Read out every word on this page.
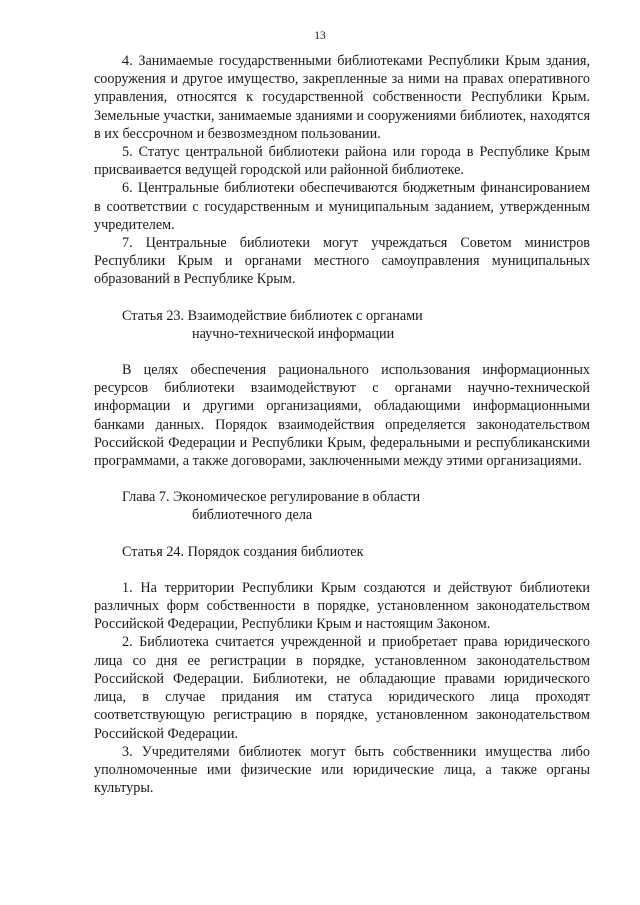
13

4. Занимаемые государственными библиотеками Республики Крым здания, сооружения и другое имущество, закрепленные за ними на правах оперативного управления, относятся к государственной собственности Республики Крым. Земельные участки, занимаемые зданиями и сооружениями библиотек, находятся в их бессрочном и безвозмездном пользовании.

5. Статус центральной библиотеки района или города в Республике Крым присваивается ведущей городской или районной библиотеке.

6. Центральные библиотеки обеспечиваются бюджетным финансированием в соответствии с государственным и муниципальным заданием, утвержденным учредителем.

7. Центральные библиотеки могут учреждаться Советом министров Республики Крым и органами местного самоуправления муниципальных образований в Республике Крым.

Статья 23. Взаимодействие библиотек с органами
научно-технической информации

В целях обеспечения рационального использования информационных ресурсов библиотеки взаимодействуют с органами научно-технической информации и другими организациями, обладающими информационными банками данных. Порядок взаимодействия определяется законодательством Российской Федерации и Республики Крым, федеральными и республиканскими программами, а также договорами, заключенными между этими организациями.

Глава 7. Экономическое регулирование в области
библиотечного дела

Статья 24. Порядок создания библиотек

1. На территории Республики Крым создаются и действуют библиотеки различных форм собственности в порядке, установленном законодательством Российской Федерации, Республики Крым и настоящим Законом.

2. Библиотека считается учрежденной и приобретает права юридического лица со дня ее регистрации в порядке, установленном законодательством Российской Федерации. Библиотеки, не обладающие правами юридического лица, в случае придания им статуса юридического лица проходят соответствующую регистрацию в порядке, установленном законодательством Российской Федерации.

3. Учредителями библиотек могут быть собственники имущества либо уполномоченные ими физические или юридические лица, а также органы культуры.
